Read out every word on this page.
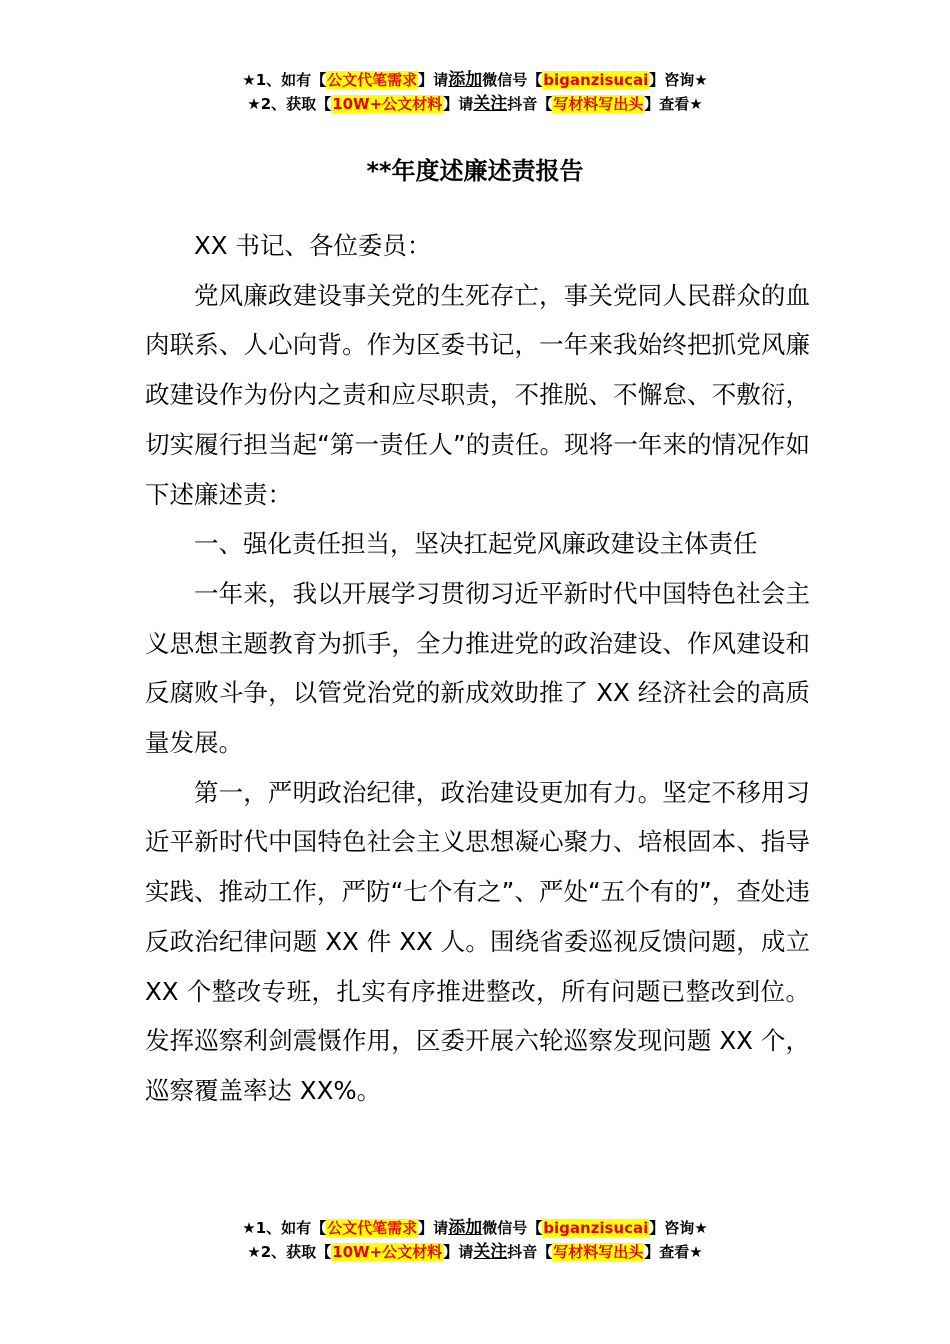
★1、如有【公文代笔需求】请添加微信号【biganzisucai】咨询★
★2、获取【10W+公文材料】请关注抖音【写材料写出头】查看★
**年度述廉述责报告

XX 书记、各位委员：

党风廉政建设事关党的生死存亡，事关党同人民群众的血肉联系、人心向背。作为区委书记，一年来我始终把抓党风廉政建设作为份内之责和应尽职责，不推脱、不懈怠、不敷衍，切实履行担当起“第一责任人”的责任。现将一年来的情况作如下述廉述责：

一、强化责任担当，坚决扛起党风廉政建设主体责任

一年来，我以开展学习贯彻习近平新时代中国特色社会主义思想主题教育为抓手，全力推进党的政治建设、作风建设和反腐败斗争，以管党治党的新成效助推了 XX 经济社会的高质量发展。

第一，严明政治纪律，政治建设更加有力。坚定不移用习近平新时代中国特色社会主义思想凝心聚力、培根固本、指导实践、推动工作，严防“七个有之”、严处“五个有的”，查处违反政治纪律问题 XX 件 XX 人。围绕省委巡视反馈问题，成立 XX 个整改专班，扎实有序推进整改，所有问题已整改到位。发挥巡察利剑震慑作用，区委开展六轮巡察发现问题 XX 个，巡察覆盖率达 XX%。

★1、如有【公文代笔需求】请添加微信号【biganzisucai】咨询★
★2、获取【10W+公文材料】请关注抖音【写材料写出头】查看★
